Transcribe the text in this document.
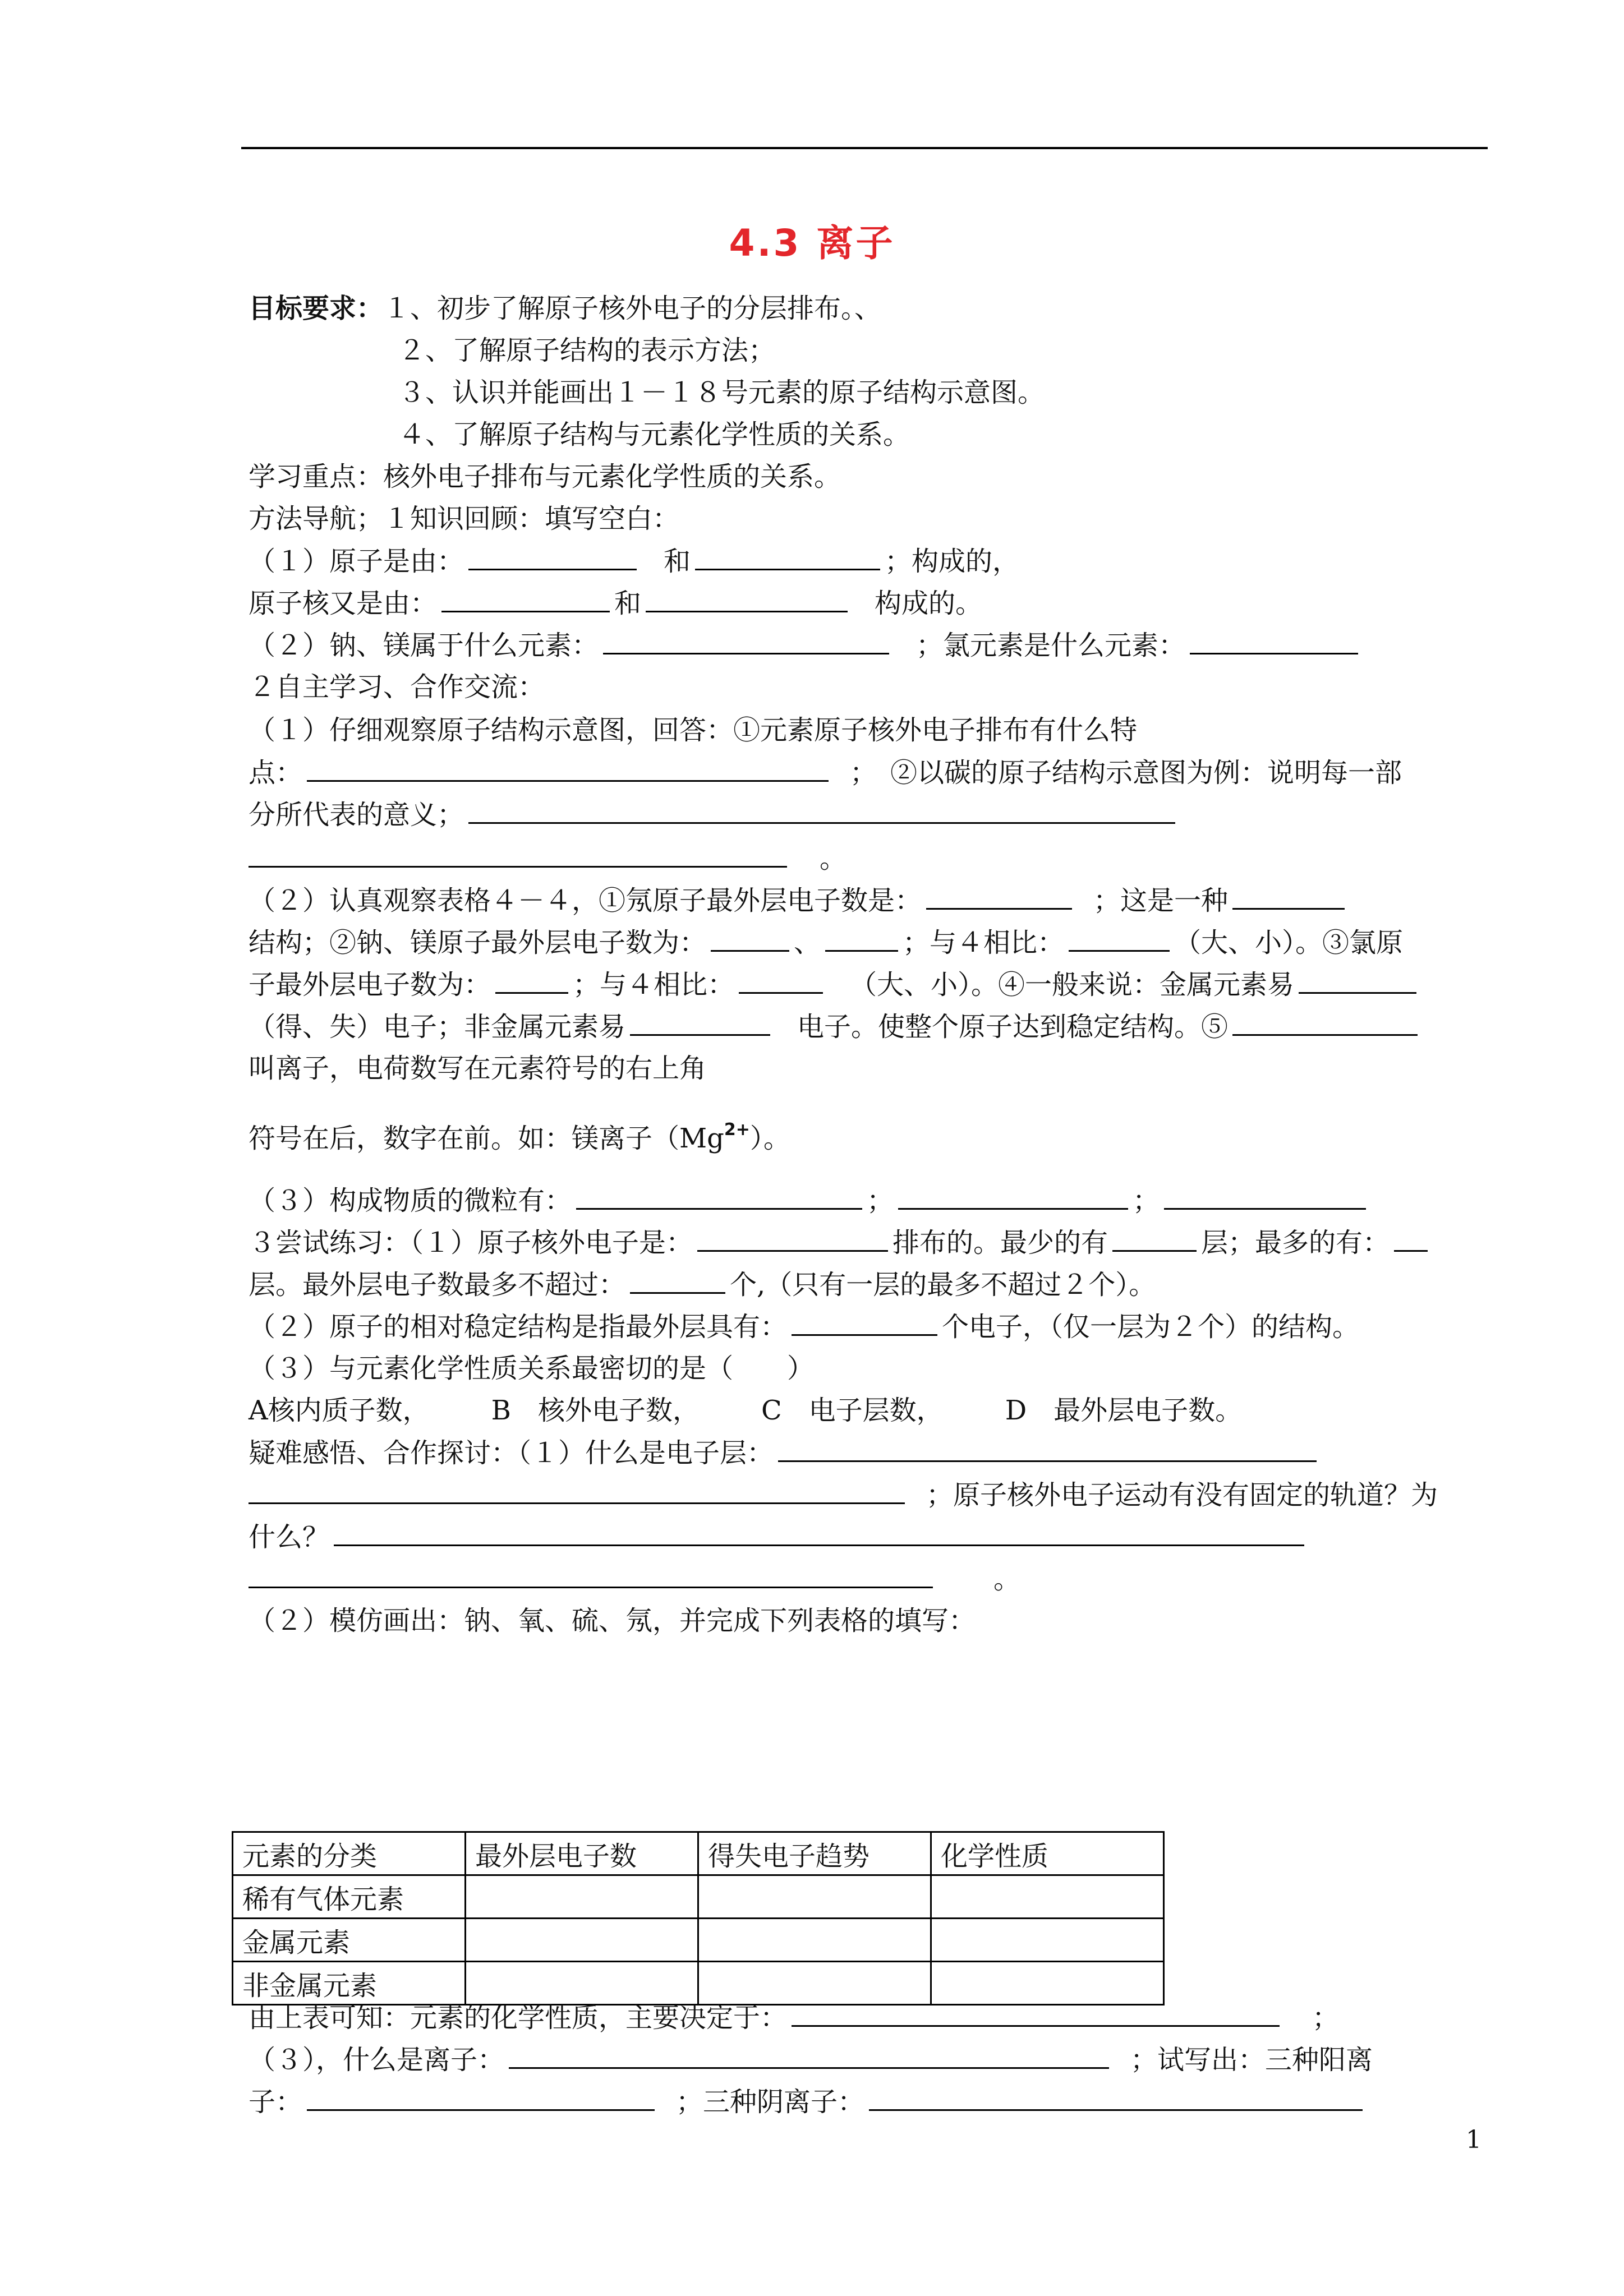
4.3 离子
目标要求：１、初步了解原子核外电子的分层排布。、
２、了解原子结构的表示方法；
３、认识并能画出１－１８号元素的原子结构示意图。
４、了解原子结构与元素化学性质的关系。
学习重点：核外电子排布与元素化学性质的关系。
方法导航；１知识回顾：填写空白：
（１）原子是由：	和	；构成的，
原子核又是由：	和	构成的。
（２）钠、镁属于什么元素：	；氯元素是什么元素：
２自主学习、合作交流：
（１）仔细观察原子结构示意图，回答：①元素原子核外电子排布有什么特
点：	；　②以碳的原子结构示意图为例：说明每一部
分所代表的意义；
。
（２）认真观察表格４－４，①氖原子最外层电子数是：	；这是一种
结构；②钠、镁原子最外层电子数为：	、	；与４相比：	（大、小）。③氯原
子最外层电子数为：	；与４相比：	（大、小）。④一般来说：金属元素易
（得、失）电子；非金属元素易	电子。使整个原子达到稳定结构。⑤
叫离子，电荷数写在元素符号的右上角
符号在后，数字在前。如：镁离子$(Mg^{2+})$。
（３）构成物质的微粒有：	；	；
３尝试练习：（１）原子核外电子是：	排布的。最少的有	层；最多的有：
层。最外层电子数最多不超过：	个,（只有一层的最多不超过２个）。
（２）原子的相对稳定结构是指最外层具有：	个电子，（仅一层为２个）的结构。
（３）与元素化学性质关系最密切的是（　　）
A核内质子数， B　核外电子数， C　电子层数， D　最外层电子数。
疑难感悟、合作探讨：（１）什么是电子层：
；原子核外电子运动有没有固定的轨道？为
什么？
。
（２）模仿画出：钠、氧、硫、氖，并完成下列表格的填写：
元素的分类	最外层电子数	得失电子趋势	化学性质
稀有气体元素			
金属元素			
非金属元素			
由上表可知：元素的化学性质，主要决定于：	；
（３），什么是离子：	；试写出：三种阳离
子：	；三种阴离子：
1
